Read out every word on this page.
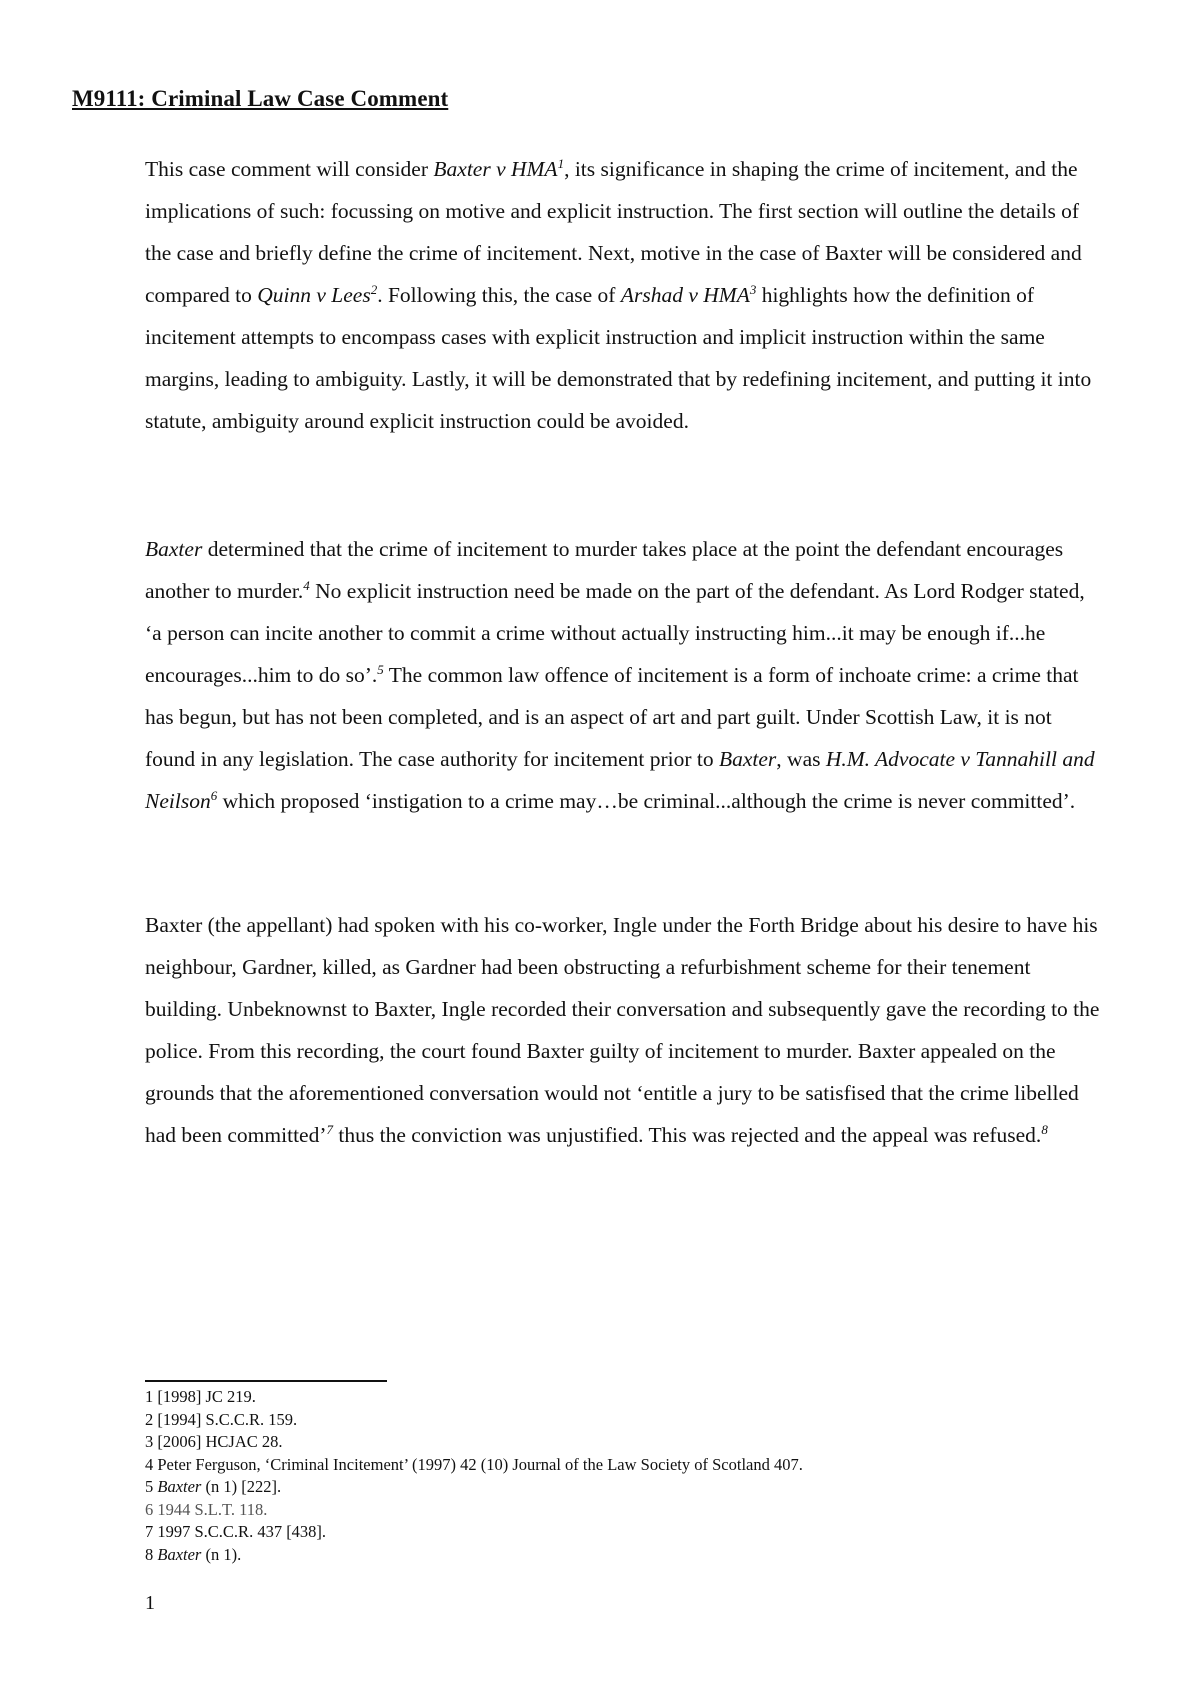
M9111: Criminal Law Case Comment

This case comment will consider Baxter v HMA$^1$, its significance in shaping the crime of incitement, and the implications of such: focussing on motive and explicit instruction. The first section will outline the details of the case and briefly define the crime of incitement. Next, motive in the case of Baxter will be considered and compared to Quinn v Lees$^2$. Following this, the case of Arshad v HMA$^3$ highlights how the definition of incitement attempts to encompass cases with explicit instruction and implicit instruction within the same margins, leading to ambiguity. Lastly, it will be demonstrated that by redefining incitement, and putting it into statute, ambiguity around explicit instruction could be avoided.

Baxter determined that the crime of incitement to murder takes place at the point the defendant encourages another to murder.$^4$ No explicit instruction need be made on the part of the defendant. As Lord Rodger stated, ‘a person can incite another to commit a crime without actually instructing him...it may be enough if...he encourages...him to do so’.$^5$ The common law offence of incitement is a form of inchoate crime: a crime that has begun, but has not been completed, and is an aspect of art and part guilt. Under Scottish Law, it is not found in any legislation. The case authority for incitement prior to Baxter, was H.M. Advocate v Tannahill and Neilson$^6$ which proposed ‘instigation to a crime may…be criminal...although the crime is never committed’.

Baxter (the appellant) had spoken with his co-worker, Ingle under the Forth Bridge about his desire to have his neighbour, Gardner, killed, as Gardner had been obstructing a refurbishment scheme for their tenement building. Unbeknownst to Baxter, Ingle recorded their conversation and subsequently gave the recording to the police. From this recording, the court found Baxter guilty of incitement to murder. Baxter appealed on the grounds that the aforementioned conversation would not ‘entitle a jury to be satisfised that the crime libelled had been committed’$^7$ thus the conviction was unjustified. This was rejected and the appeal was refused.$^8$

1 [1998] JC 219.
2 [1994] S.C.C.R. 159.
3 [2006] HCJAC 28.
4 Peter Ferguson, ‘Criminal Incitement’ (1997) 42 (10) Journal of the Law Society of Scotland 407.
5 Baxter (n 1) [222].
6 1944 S.L.T. 118.
7 1997 S.C.C.R. 437 [438].
8 Baxter (n 1).
1
